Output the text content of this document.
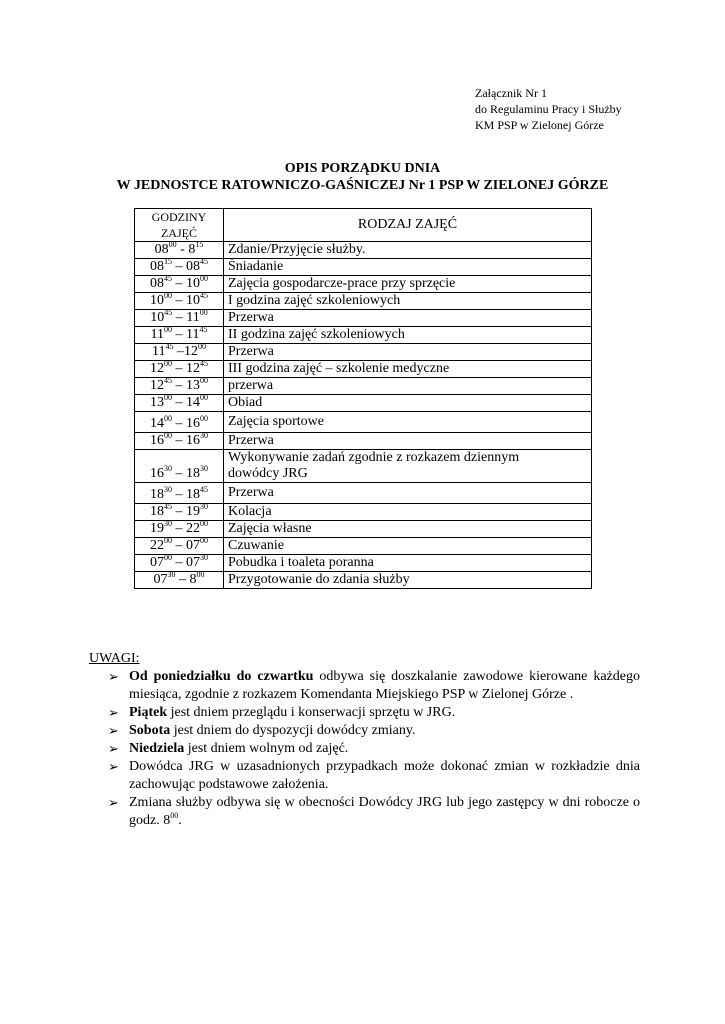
Załącznik Nr 1
do Regulaminu Pracy i Służby
KM PSP w Zielonej Górze
OPIS PORZĄDKU DNIA
W JEDNOSTCE RATOWNICZO-GAŚNICZEJ Nr 1 PSP W ZIELONEJ GÓRZE
GODZINY
ZAJĘĆ	RODZAJ ZAJĘĆ
$08^{00} - 8^{15}$	Zdanie/Przyjęcie służby.

$08^{15} - 08^{45}$	Śniadanie

$08^{45} - 10^{00}$	Zajęcia gospodarcze-prace przy sprzęcie

$10^{00} - 10^{45}$	I godzina zajęć szkoleniowych

$10^{45} - 11^{00}$	Przerwa

$11^{00} - 11^{45}$	II godzina zajęć szkoleniowych

$11^{45}$ $-12^{00}$	Przerwa

$12^{00} - 12^{45}$	III godzina zajęć – szkolenie medyczne

$12^{45} - 13^{00}$	przerwa

$13^{00} - 14^{00}$	Obiad

$14^{00} - 16^{00}$	Zajęcia sportowe

$16^{00} - 16^{30}$	Przerwa

$16^{30} - 18^{30}$	Wykonywanie zadań zgodnie z rozkazem dziennym
dowódcy JRG

$18^{30} - 18^{45}$	Przerwa

$18^{45} - 19^{30}$	Kolacja

$19^{30} - 22^{00}$	Zajęcia własne

$22^{00} - 07^{00}$	Czuwanie

$07^{00} - 07^{30}$	Pobudka i toaleta poranna

$07^{30} - 8^{00}$	Przygotowanie do zdania służby
UWAGI:
➢ Od poniedziałku do czwartku odbywa się doszkalanie zawodowe kierowane każdego miesiąca, zgodnie z rozkazem Komendanta Miejskiego PSP w Zielonej Górze .
➢ Piątek jest dniem przeglądu i konserwacji sprzętu w JRG.
➢ Sobota jest dniem do dyspozycji dowódcy zmiany.
➢ Niedziela jest dniem wolnym od zajęć.
➢ Dowódca JRG w uzasadnionych przypadkach może dokonać zmian w rozkładzie dnia zachowując podstawowe założenia.
➢ Zmiana służby odbywa się w obecności Dowódcy JRG lub jego zastępcy w dni robocze o godz. $8^{00}$.
